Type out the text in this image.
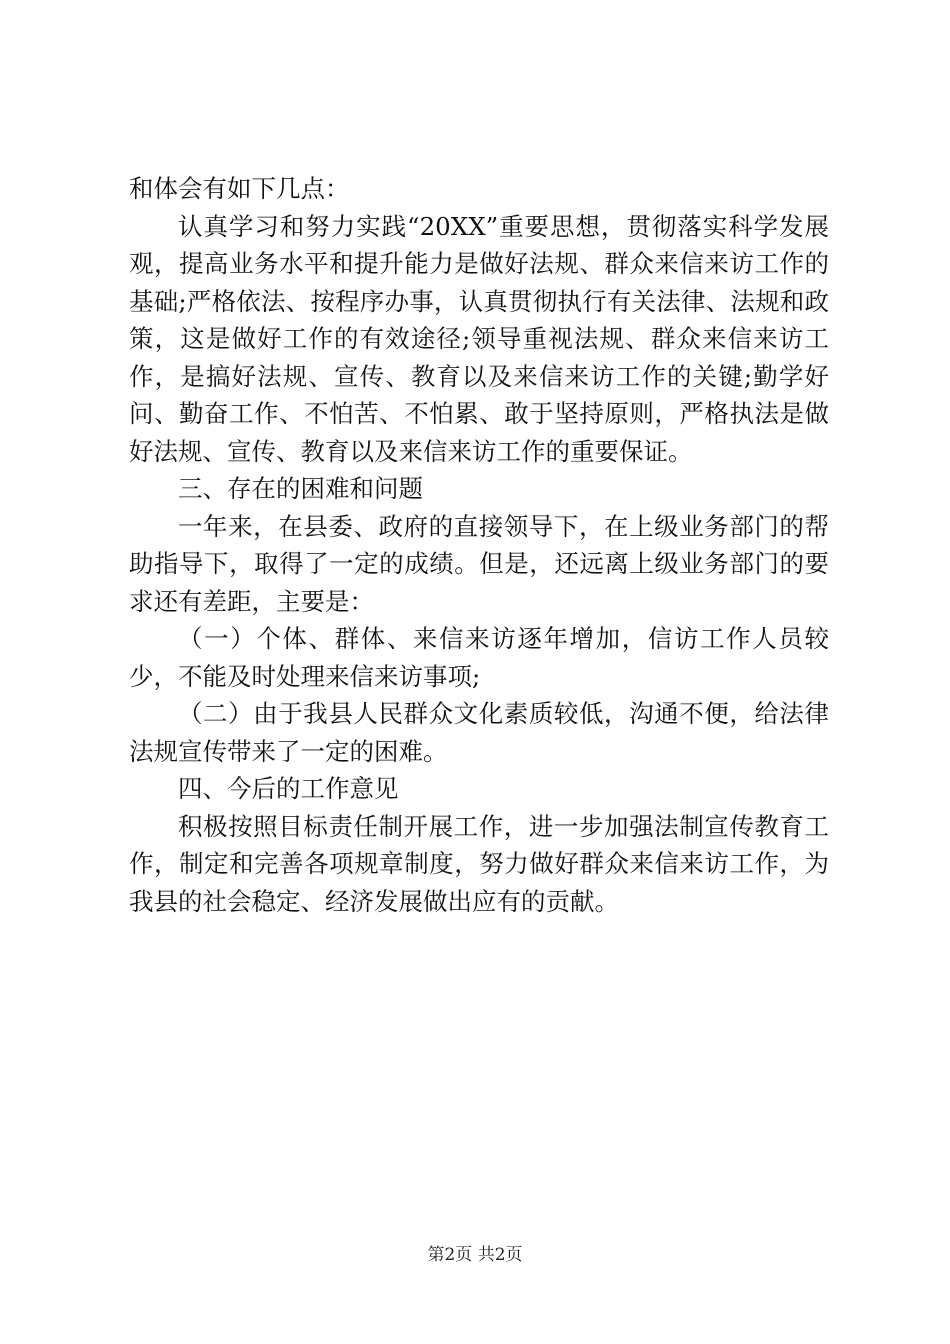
和体会有如下几点：

认真学习和努力实践“20XX”重要思想，贯彻落实科学发展观，提高业务水平和提升能力是做好法规、群众来信来访工作的基础;严格依法、按程序办事，认真贯彻执行有关法律、法规和政策，这是做好工作的有效途径;领导重视法规、群众来信来访工作，是搞好法规、宣传、教育以及来信来访工作的关键;勤学好问、勤奋工作、不怕苦、不怕累、敢于坚持原则，严格执法是做好法规、宣传、教育以及来信来访工作的重要保证。

三、存在的困难和问题

一年来，在县委、政府的直接领导下，在上级业务部门的帮助指导下，取得了一定的成绩。但是，还远离上级业务部门的要求还有差距，主要是：

（一）个体、群体、来信来访逐年增加，信访工作人员较少，不能及时处理来信来访事项;

（二）由于我县人民群众文化素质较低，沟通不便，给法律法规宣传带来了一定的困难。

四、今后的工作意见

积极按照目标责任制开展工作，进一步加强法制宣传教育工作，制定和完善各项规章制度，努力做好群众来信来访工作，为我县的社会稳定、经济发展做出应有的贡献。

第2页 共2页
